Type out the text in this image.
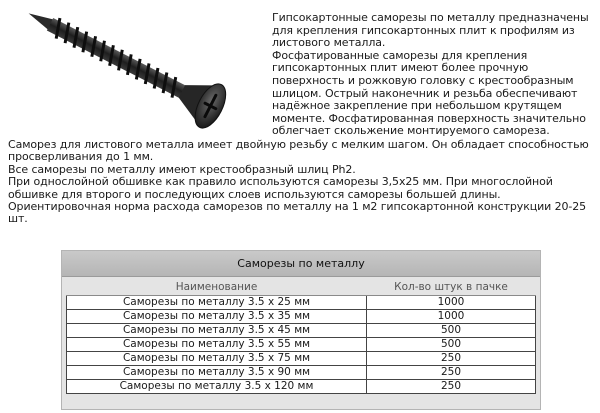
Гипсокартонные саморезы по металлу предназначены для крепления гипсокартонных плит к профилям из листового металла.

Фосфатированные саморезы для крепления гипсокартонных плит имеют более прочную поверхность и рожковую головку с крестообразным шлицом. Острый наконечник и резьба обеспечивают надёжное закрепление при небольшом крутящем моменте. Фосфатированная поверхность значительно облегчает скольжение монтируемого самореза.

Саморез для листового металла имеет двойную резьбу с мелким шагом. Он обладает способностью просверливания до 1 мм.

Все саморезы по металлу имеют крестообразный шлиц Ph2.

При однослойной обшивке как правило используются саморезы 3,5х25 мм. При многослойной обшивке для второго и последующих слоев используются саморезы большей длины.

Ориентировочная норма расхода саморезов по металлу на 1 м2 гипсокартонной конструкции 20-25 шт.

Саморезы по металлу
Наименование	Кол-во штук в пачке
Саморезы по металлу 3.5 х 25 мм	1000
Саморезы по металлу 3.5 х 35 мм	1000
Саморезы по металлу 3.5 х 45 мм	500
Саморезы по металлу 3.5 х 55 мм	500
Саморезы по металлу 3.5 х 75 мм	250
Саморезы по металлу 3.5 х 90 мм	250
Саморезы по металлу 3.5 х 120 мм	250
